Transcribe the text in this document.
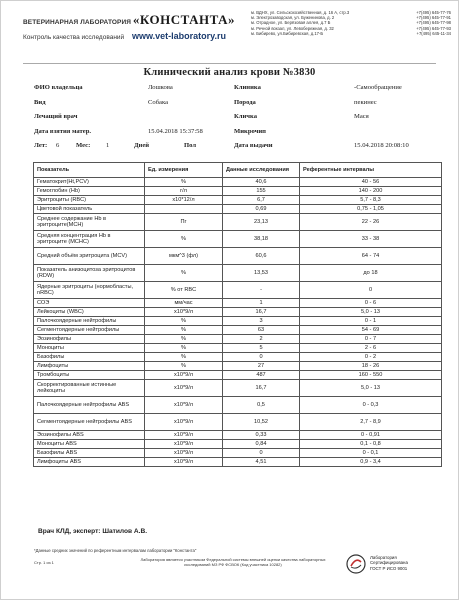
ВЕТЕРИНАРНАЯ ЛАБОРАТОРИЯ «КОНСТАНТА»
Контроль качества исследований www.vet-laboratory.ru
м. ВДНХ, ул. Сельскохозяйственная, д. 16 А, стр.3	+7(495) 645-77-76
м. Электрозаводская, ул. Буженинова, д. 2	+7(495) 645-77-91
м. Отрадное, ул. Берёзовая аллея, д.7 Б	+7(495) 645-77-98
м. Речной вокзал, ул. Левобережная, д. 32	+7(495) 645-77-93
м. Бибирево, ул.Бибиревская, д.17-Б	+7(495) 645-11-34
Клинический анализ крови №3830
ФИО владельца	Лошкова	Клиника	-Самообращение
Вид	Собака	Порода	пекинес
Лечащий врач	Кличка	Мася
Дата взятия матер.	15.04.2018 15:37:58	Микрочип
Лет: 6	Мес: 1	Дней	Пол	Дата выдачи	15.04.2018 20:08:10
Показатель	Ед. измерения	Данные исследования	Референтные интервалы
Гематокрит(Ht,PCV)	%	40,6	40 - 56
Гемоглобин (Hb)	г/л	155	140 - 200
Эритроциты (RBC)	x10*12/л	6,7	5,7 - 8,3
Цветовой показатель		0,69	0,75 - 1,05
Среднее содержание Hb в эритроците(MCH)	Пг	23,13	22 - 26
Средняя концентрация Hb в эритроците (MCHC)	%	38,18	33 - 38
Средний объём эритроцита (MCV)	мкм^3 (фл)	60,6	64 - 74
Показатель анизоцитоза эритроцитов (RDW)	%	13,53	до 18
Ядерные эритроциты (нормобласты, nRBC)	% от RBC	-	0
СОЭ	мм/час	1	0 - 6
Лейкоциты (WBC)	x10*9/л	16,7	5,0 - 13
Палочкоядерные нейтрофилы	%	3	0 - 1
Сегментоядерные нейтрофилы	%	63	54 - 69
Эозинофилы	%	2	0 - 7
Моноциты	%	5	2 - 6
Базофилы	%	0	0 - 2
Лимфоциты	%	27	18 - 26
Тромбоциты	x10*9/л	487	160 - 550
Скорректированные истинные лейкоциты	x10*9/л	16,7	5,0 - 13
Палочкоядерные нейтрофилы ABS	x10*9/л	0,5	0 - 0,3
Сегментоядерные нейтрофилы ABS	x10*9/л	10,52	2,7 - 8,9
Эозинофилы ABS	x10*9/л	0,33	0 - 0,91
Моноциты ABS	x10*9/л	0,84	0,1 - 0,8
Базофилы ABS	x10*9/л	0	0 - 0,1
Лимфоциты ABS	x10*9/л	4,51	0,9 - 3,4
Врач КЛД, эксперт: Шатилов А.В.
*Данные средних значений по референтным интервалам лаборатории "Константа"
Стр. 1 из 1
Лаборатория является участником Федеральной системы внешней оценки качества лабораторных исследований МЗ РФ ФСВОК (Код участника 10282)
Лаборатория
Сертифицирована
ГОСТ Р ИСО 9001
